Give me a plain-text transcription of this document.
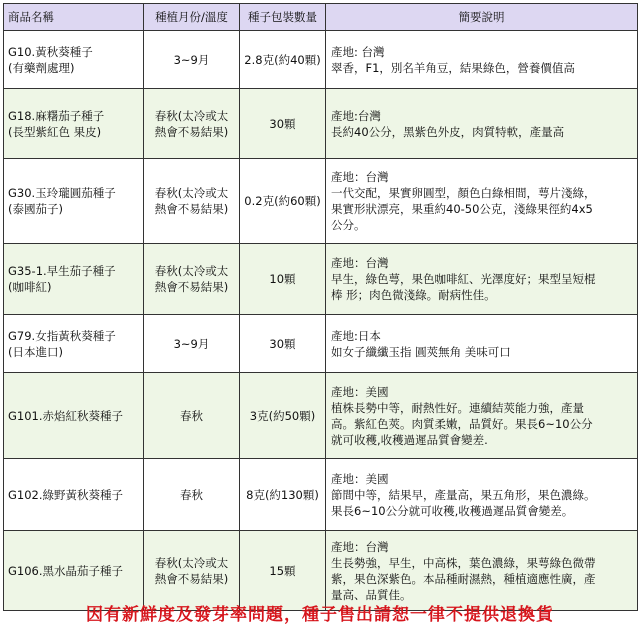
商品名稱	種植月份/溫度	種子包裝數量	簡要說明

G10.黃秋葵種子
(有藥劑處理)	3~9月	2.8克(約40顆)	產地: 台灣
翠香，F1，別名羊角豆，結果綠色，營養價值高

G18.麻糬茄子種子
(長型紫紅色 果皮)	春秋(太冷或太
熱會不易結果)	30顆	產地:台灣
長約40公分，黑紫色外皮，肉質特軟，產量高

G30.玉玲瓏圓茄種子
(泰國茄子)	春秋(太冷或太
熱會不易結果)	0.2克(約60顆)	產地：台灣
一代交配，果實卵圓型，顏色白綠相間，萼片淺綠，
果實形狀漂亮，果重約40-50公克，淺綠果徑約4x5
公分。

G35-1.早生茄子種子
(咖啡紅)	春秋(太冷或太
熱會不易結果)	10顆	產地：台灣
早生，綠色萼，果色咖啡紅、光澤度好；果型呈短棍
棒 形；肉色微淺綠。耐病性佳。

G79.女指黃秋葵種子
(日本進口)	3~9月	30顆	產地:日本
如女子纖纖玉指 圓莢無角 美味可口

G101.赤焰紅秋葵種子	春秋	3克(約50顆)	產地：美國
植株長勢中等，耐熱性好。連續結莢能力強，產量
高。紫紅色莢。肉質柔嫩，品質好。果長6~10公分
就可收穫,收穫過遲品質會變差.

G102.綠野黃秋葵種子	春秋	8克(約130顆)	產地：美國
節間中等，結果早，產量高，果五角形，果色濃綠。
果長6~10公分就可收穫,收穫過遲品質會變差。

G106.黑水晶茄子種子	春秋(太冷或太
熱會不易結果)	15顆	產地：台灣
生長勢強，早生，中高株，葉色濃綠，果萼綠色微帶
紫，果色深紫色。本品種耐濕熱，種植適應性廣，產
量高、品質佳。
因有新鮮度及發芽率問題，種子售出請恕一律不提供退換貨
